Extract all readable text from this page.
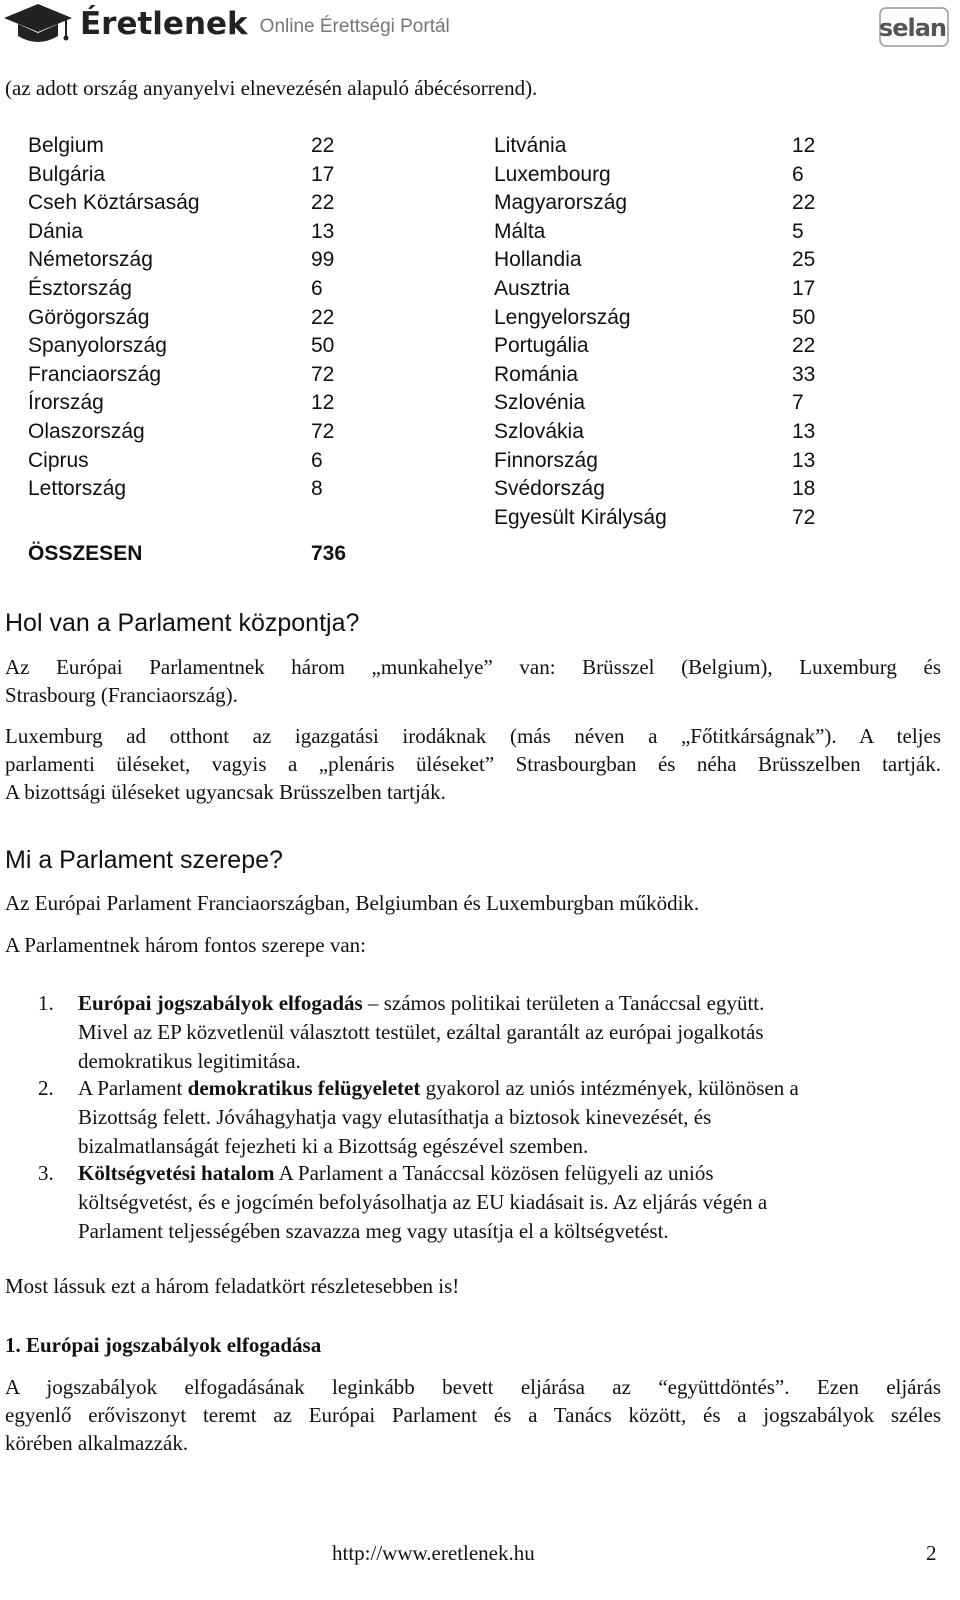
Éretlenek Online Érettségi Portál	selan
(az adott ország anyanyelvi elnevezésén alapuló ábécésorrend).
Belgium	22
Bulgária	17
Cseh Köztársaság	22
Dánia	13
Németország	99
Észtország	6
Görögország	22
Spanyolország	50
Franciaország	72
Írország	12
Olaszország	72
Ciprus	6
Lettország	8
Litvánia	12
Luxembourg	6
Magyarország	22
Málta	5
Hollandia	25
Ausztria	17
Lengyelország	50
Portugália	22
Románia	33
Szlovénia	7
Szlovákia	13
Finnország	13
Svédország	18
Egyesült Királyság	72
ÖSSZESEN	736
Hol van a Parlament központja?
Az Európai Parlamentnek három „munkahelye” van: Brüsszel (Belgium), Luxemburg és
Strasbourg (Franciaország).
Luxemburg ad otthont az igazgatási irodáknak (más néven a „Főtitkárságnak”). A teljes
parlamenti üléseket, vagyis a „plenáris üléseket” Strasbourgban és néha Brüsszelben tartják.
A bizottsági üléseket ugyancsak Brüsszelben tartják.
Mi a Parlament szerepe?
Az Európai Parlament Franciaországban, Belgiumban és Luxemburgban működik.
A Parlamentnek három fontos szerepe van:
1. Európai jogszabályok elfogadás – számos politikai területen a Tanáccsal együtt.
Mivel az EP közvetlenül választott testület, ezáltal garantált az európai jogalkotás
demokratikus legitimitása.
2. A Parlament demokratikus felügyeletet gyakorol az uniós intézmények, különösen a
Bizottság felett. Jóváhagyhatja vagy elutasíthatja a biztosok kinevezését, és
bizalmatlanságát fejezheti ki a Bizottság egészével szemben.
3. Költségvetési hatalom A Parlament a Tanáccsal közösen felügyeli az uniós
költségvetést, és e jogcímén befolyásolhatja az EU kiadásait is. Az eljárás végén a
Parlament teljességében szavazza meg vagy utasítja el a költségvetést.
Most lássuk ezt a három feladatkört részletesebben is!
1. Európai jogszabályok elfogadása
A jogszabályok elfogadásának leginkább bevett eljárása az “együttdöntés”. Ezen eljárás
egyenlő erőviszonyt teremt az Európai Parlament és a Tanács között, és a jogszabályok széles
körében alkalmazzák.
http://www.eretlenek.hu	2
